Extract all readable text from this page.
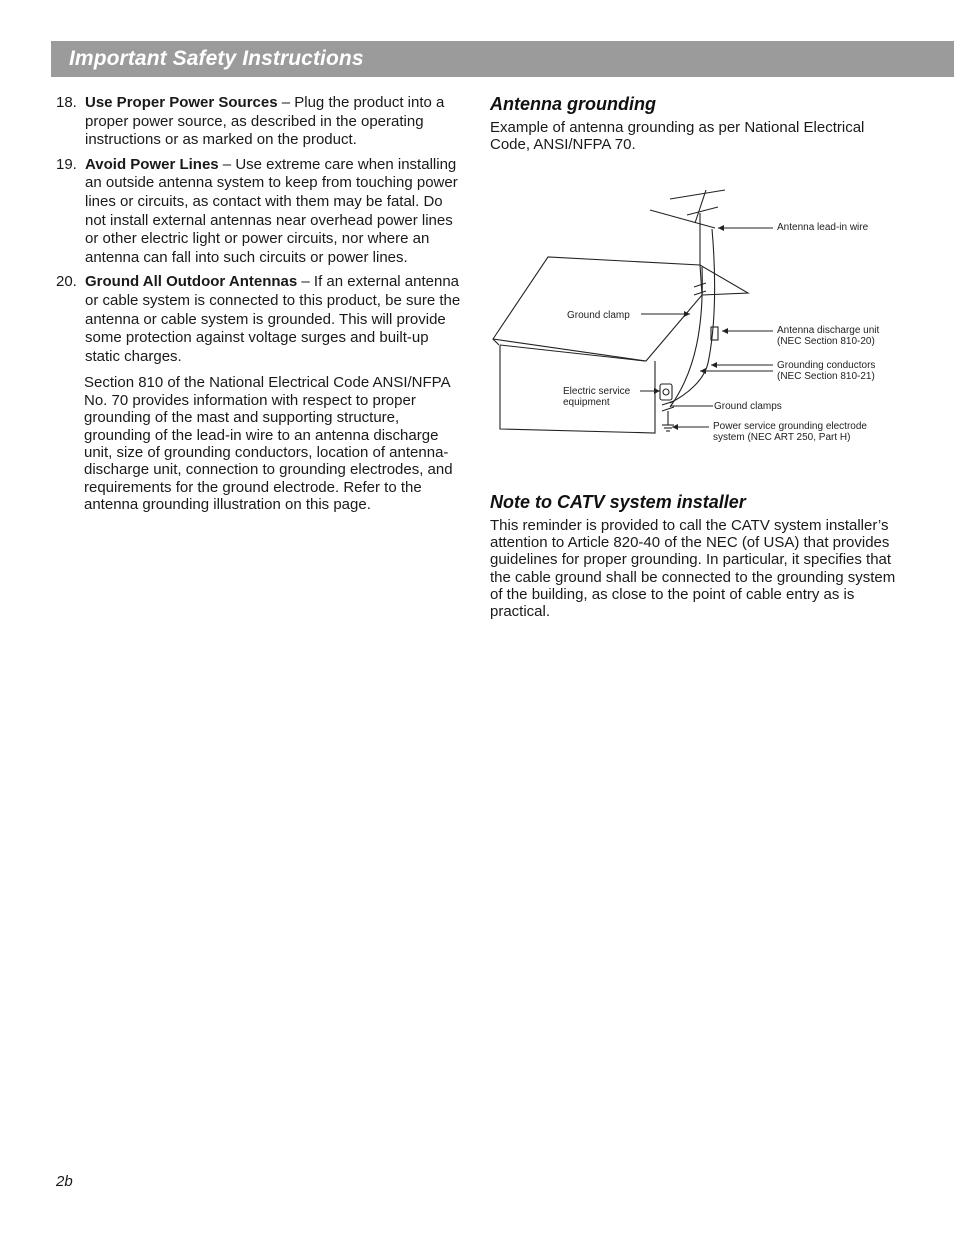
Important Safety Instructions
18. Use Proper Power Sources – Plug the product into a proper power source, as described in the operating instructions or as marked on the product.
19. Avoid Power Lines – Use extreme care when installing an outside antenna system to keep from touching power lines or circuits, as contact with them may be fatal. Do not install external antennas near overhead power lines or other electric light or power circuits, nor where an antenna can fall into such circuits or power lines.
20. Ground All Outdoor Antennas – If an external antenna or cable system is connected to this product, be sure the antenna or cable system is grounded. This will provide some protection against voltage surges and built-up static charges.

Section 810 of the National Electrical Code ANSI/NFPA No. 70 provides information with respect to proper grounding of the mast and supporting structure, grounding of the lead-in wire to an antenna discharge unit, size of grounding conductors, location of antenna-discharge unit, connection to grounding electrodes, and requirements for the ground electrode. Refer to the antenna grounding illustration on this page.

Antenna grounding

Example of antenna grounding as per National Electrical Code, ANSI/NFPA 70.

Antenna lead-in wire
Ground clamp
Antenna discharge unit
(NEC Section 810-20)
Grounding conductors
(NEC Section 810-21)
Electric service
equipment	Ground clamps
Power service grounding electrode
system (NEC ART 250, Part H)
Note to CATV system installer

This reminder is provided to call the CATV system installer’s attention to Article 820-40 of the NEC (of USA) that provides guidelines for proper grounding. In particular, it specifies that the cable ground shall be connected to the grounding system of the building, as close to the point of cable entry as is practical.

2b
